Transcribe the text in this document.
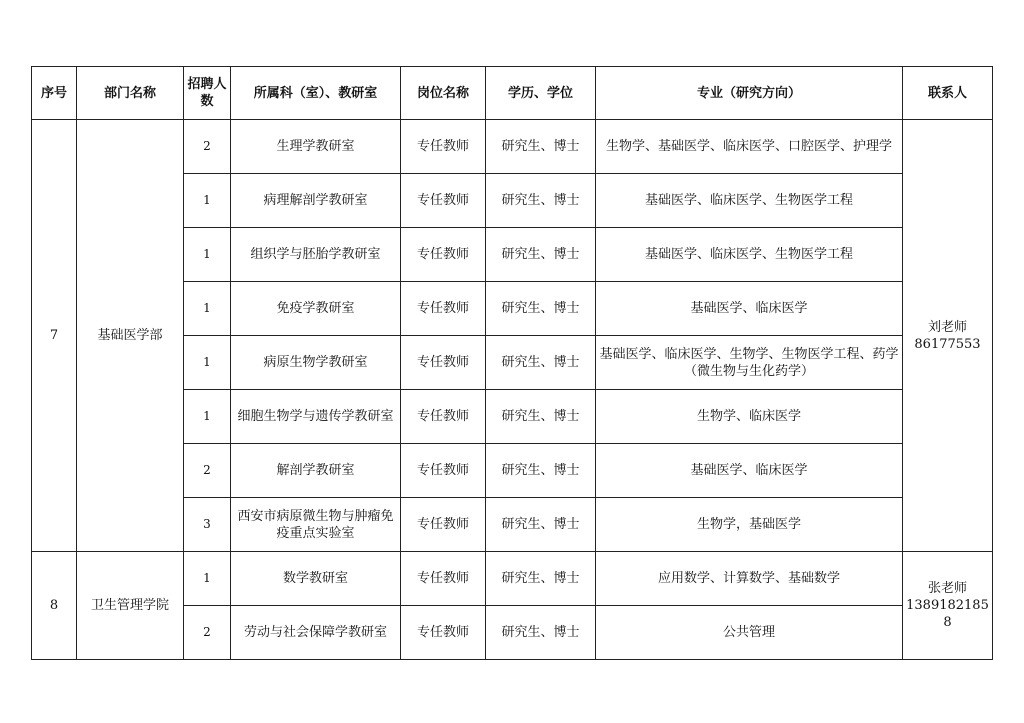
序号	部门名称	招聘人数	所属科（室）、教研室	岗位名称	学历、学位	专业（研究方向）	联系人
7	基础医学部	2	生理学教研室	专任教师	研究生、博士	生物学、基础医学、临床医学、口腔医学、护理学	刘老师
86177553

		1	病理解剖学教研室	专任教师	研究生、博士	基础医学、临床医学、生物医学工程	
		1	组织学与胚胎学教研室	专任教师	研究生、博士	基础医学、临床医学、生物医学工程	
		1	免疫学教研室	专任教师	研究生、博士	基础医学、临床医学	
		1	病原生物学教研室	专任教师	研究生、博士	基础医学、临床医学、生物学、生物医学工程、药学（微生物与生化药学）	
		1	细胞生物学与遗传学教研室	专任教师	研究生、博士	生物学、临床医学	
		2	解剖学教研室	专任教师	研究生、博士	基础医学、临床医学	
		3	西安市病原微生物与肿瘤免疫重点实验室	专任教师	研究生、博士	生物学，基础医学	
8	卫生管理学院	1	数学教研室	专任教师	研究生、博士	应用数学、计算数学、基础数学	张老师
13891821858

		2	劳动与社会保障学教研室	专任教师	研究生、博士	公共管理	
